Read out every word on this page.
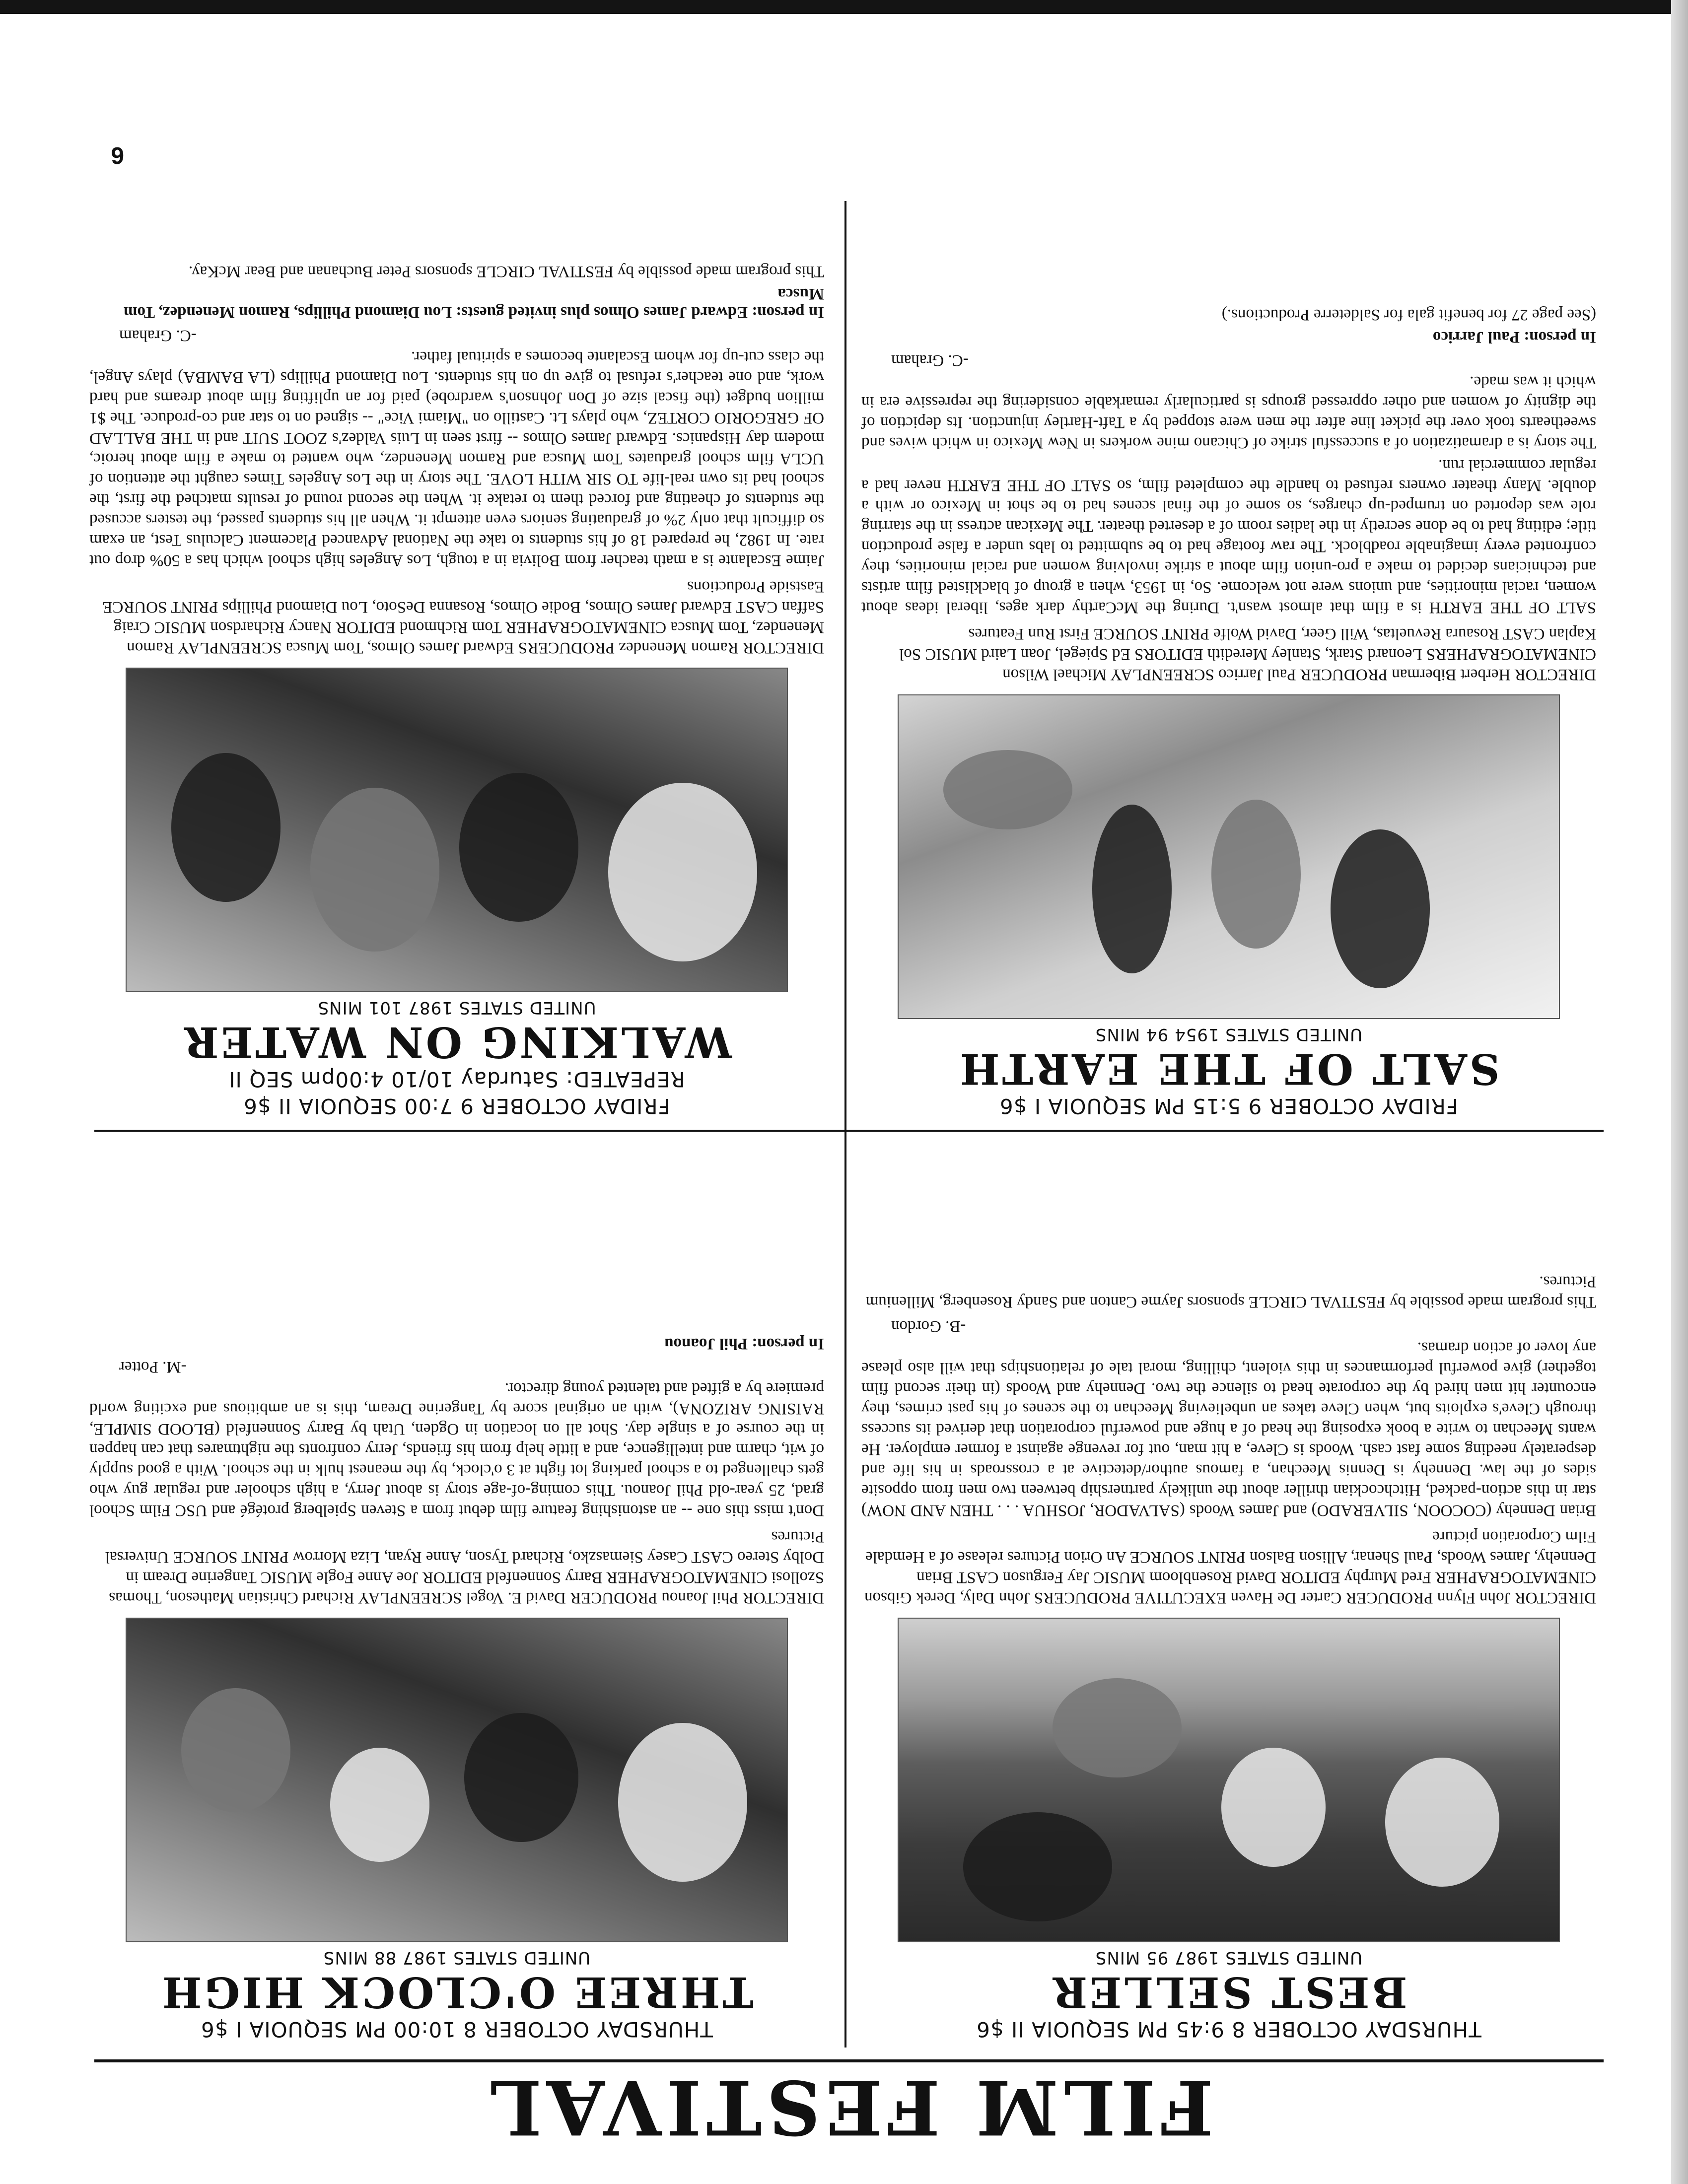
FILM FESTIVAL
THURSDAY OCTOBER 8 9:45 PM SEQUOIA II $6
BEST SELLER
UNITED STATES 1987 95 MINS
DIRECTOR John Flynn PRODUCER Carter De Haven EXECUTIVE PRODUCERS John Daly, Derek Gibson CINEMATOGRAPHER Fred Murphy EDITOR David Rosenbloom MUSIC Jay Ferguson CAST Brian Dennehy, James Woods, Paul Shenar, Allison Balson PRINT SOURCE An Orion Pictures release of a Hemdale Film Corporation picture

Brian Dennehy (COCOON, SILVERADO) and James Woods (SALVADOR, JOSHUA . . . THEN AND NOW) star in this action-packed, Hitchcockian thriller about the unlikely partnership between two men from opposite sides of the law. Dennehy is Dennis Meechan, a famous author/detective at a crossroads in his life and desperately needing some fast cash. Woods is Cleve, a hit man, out for revenge against a former employer. He wants Meechan to write a book exposing the head of a huge and powerful corporation that derived its success through Cleve's exploits but, when Cleve takes an unbelieving Meechan to the scenes of his past crimes, they encounter hit men hired by the corporate head to silence the two. Dennehy and Woods (in their second film together) give powerful performances in this violent, chilling, moral tale of relationships that will also please any lover of action dramas.

-B. Gordon
This program made possible by FESTIVAL CIRCLE sponsors Jayme Canton and Sandy Rosenberg, Millenium Pictures.
THURSDAY OCTOBER 8 10:00 PM SEQUOIA I $6
THREE O'CLOCK HIGH
UNITED STATES 1987 88 MINS
DIRECTOR Phil Joanou PRODUCER David E. Vogel SCREENPLAY Richard Christian Matheson, Thomas Szollosi CINEMATOGRAPHER Barry Sonnenfeld EDITOR Joe Anne Fogle MUSIC Tangerine Dream in Dolby Stereo CAST Casey Siemaszko, Richard Tyson, Anne Ryan, Liza Morrow PRINT SOURCE Universal Pictures

Don't miss this one -- an astonishing feature film debut from a Steven Spielberg protégé and USC Film School grad, 25 year-old Phil Joanou. This coming-of-age story is about Jerry, a high schooler and regular guy who gets challenged to a school parking lot fight at 3 o'clock, by the meanest hulk in the school. With a good supply of wit, charm and intelligence, and a little help from his friends, Jerry confronts the nightmares that can happen in the course of a single day. Shot all on location in Ogden, Utah by Barry Sonnenfeld (BLOOD SIMPLE, RAISING ARIZONA), with an original score by Tangerine Dream, this is an ambitious and exciting world premiere by a gifted and talented young director.

-M. Potter
In person: Phil Joanou
FRIDAY OCTOBER 9 5:15 PM SEQUOIA I $6
SALT OF THE EARTH
UNITED STATES 1954 94 MINS
DIRECTOR Herbert Biberman PRODUCER Paul Jarrico SCREENPLAY Michael Wilson CINEMATOGRAPHERS Leonard Stark, Stanley Meredith EDITORS Ed Spiegel, Joan Laird MUSIC Sol Kaplan CAST Rosaura Revueltas, Will Geer, David Wolfe PRINT SOURCE First Run Features

SALT OF THE EARTH is a film that almost wasn't. During the McCarthy dark ages, liberal ideas about women, racial minorities, and unions were not welcome. So, in 1953, when a group of blacklisted film artists and technicians decided to make a pro-union film about a strike involving women and racial minorities, they confronted every imaginable roadblock. The raw footage had to be submitted to labs under a false production title; editing had to be done secretly in the ladies room of a deserted theater. The Mexican actress in the starring role was deported on trumped-up charges, so some of the final scenes had to be shot in Mexico or with a double. Many theater owners refused to handle the completed film, so SALT OF THE EARTH never had a regular commercial run.

The story is a dramatization of a successful strike of Chicano mine workers in New Mexico in which wives and sweethearts took over the picket line after the men were stopped by a Taft-Hartley injunction. Its depiction of the dignity of women and other oppressed groups is particularly remarkable considering the repressive era in which it was made.

-C. Graham
In person: Paul Jarrico
(See page 27 for benefit gala for Saldeterre Productions.)
FRIDAY OCTOBER 9 7:00 SEQUOIA II $6
REPEATED: Saturday 10/10 4:00pm SEQ II
WALKING ON WATER
UNITED STATES 1987 101 MINS
DIRECTOR Ramon Menendez PRODUCERS Edward James Olmos, Tom Musca SCREENPLAY Ramon Menendez, Tom Musca CINEMATOGRAPHER Tom Richmond EDITOR Nancy Richardson MUSIC Craig Saffan CAST Edward James Olmos, Bodie Olmos, Rosanna DeSoto, Lou Diamond Phillips PRINT SOURCE Eastside Productions

Jaime Escalante is a math teacher from Bolivia in a tough, Los Angeles high school which has a 50% drop out rate. In 1982, he prepared 18 of his students to take the National Advanced Placement Calculus Test, an exam so difficult that only 2% of graduating seniors even attempt it. When all his students passed, the testers accused the students of cheating and forced them to retake it. When the second round of results matched the first, the school had its own real-life TO SIR WITH LOVE. The story in the Los Angeles Times caught the attention of UCLA film school graduates Tom Musca and Ramon Menendez, who wanted to make a film about heroic, modern day Hispanics. Edward James Olmos -- first seen in Luis Valdez's ZOOT SUIT and in THE BALLAD OF GREGORIO CORTEZ, who plays Lt. Castillo on "Miami Vice" -- signed on to star and co-produce. The $1 million budget (the fiscal size of Don Johnson's wardrobe) paid for an uplifting film about dreams and hard work, and one teacher's refusal to give up on his students. Lou Diamond Phillips (LA BAMBA) plays Angel, the class cut-up for whom Escalante becomes a spiritual father.

-C. Graham
In person: Edward James Olmos plus invited guests: Lou Diamond Phillips, Ramon Menendez, Tom Musca
This program made possible by FESTIVAL CIRCLE sponsors Peter Buchanan and Bear McKay.
6
